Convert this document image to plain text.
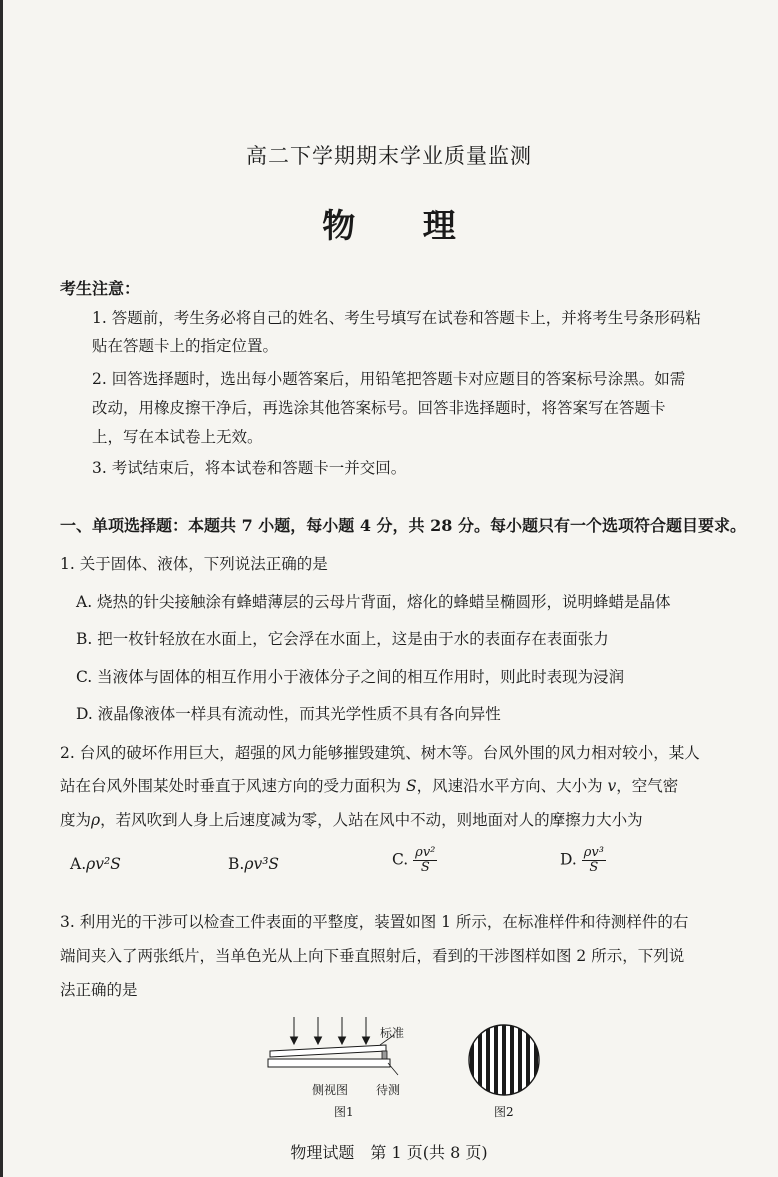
高二下学期期末学业质量监测
物 理
考生注意：
1. 答题前，考生务必将自己的姓名、考生号填写在试卷和答题卡上，并将考生号条形码粘
贴在答题卡上的指定位置。
2. 回答选择题时，选出每小题答案后，用铅笔把答题卡对应题目的答案标号涂黑。如需
改动，用橡皮擦干净后，再选涂其他答案标号。回答非选择题时，将答案写在答题卡
上，写在本试卷上无效。
3. 考试结束后，将本试卷和答题卡一并交回。
一、单项选择题：本题共 7 小题，每小题 4 分，共 28 分。每小题只有一个选项符合题目要求。
1. 关于固体、液体，下列说法正确的是
A. 烧热的针尖接触涂有蜂蜡薄层的云母片背面，熔化的蜂蜡呈椭圆形，说明蜂蜡是晶体
B. 把一枚针轻放在水面上，它会浮在水面上，这是由于水的表面存在表面张力
C. 当液体与固体的相互作用小于液体分子之间的相互作用时，则此时表现为浸润
D. 液晶像液体一样具有流动性，而其光学性质不具有各向异性
2. 台风的破坏作用巨大，超强的风力能够摧毁建筑、树木等。台风外围的风力相对较小，某人
站在台风外围某处时垂直于风速方向的受力面积为 S，风速沿水平方向、大小为 v，空气密
度为ρ，若风吹到人身上后速度减为零，人站在风中不动，则地面对人的摩擦力大小为
A.ρv²S	B.ρv³S	C. $\frac{\text{ρv²}}{S}$	D. $\frac{\text{ρv³}}{S}$
3. 利用光的干涉可以检查工件表面的平整度，装置如图 1 所示，在标准样件和待测样件的右
端间夹入了两张纸片，当单色光从上向下垂直照射后，看到的干涉图样如图 2 所示，下列说
法正确的是
标准
侧视图 待测
图1	图2
物理试题　第 1 页(共 8 页)
